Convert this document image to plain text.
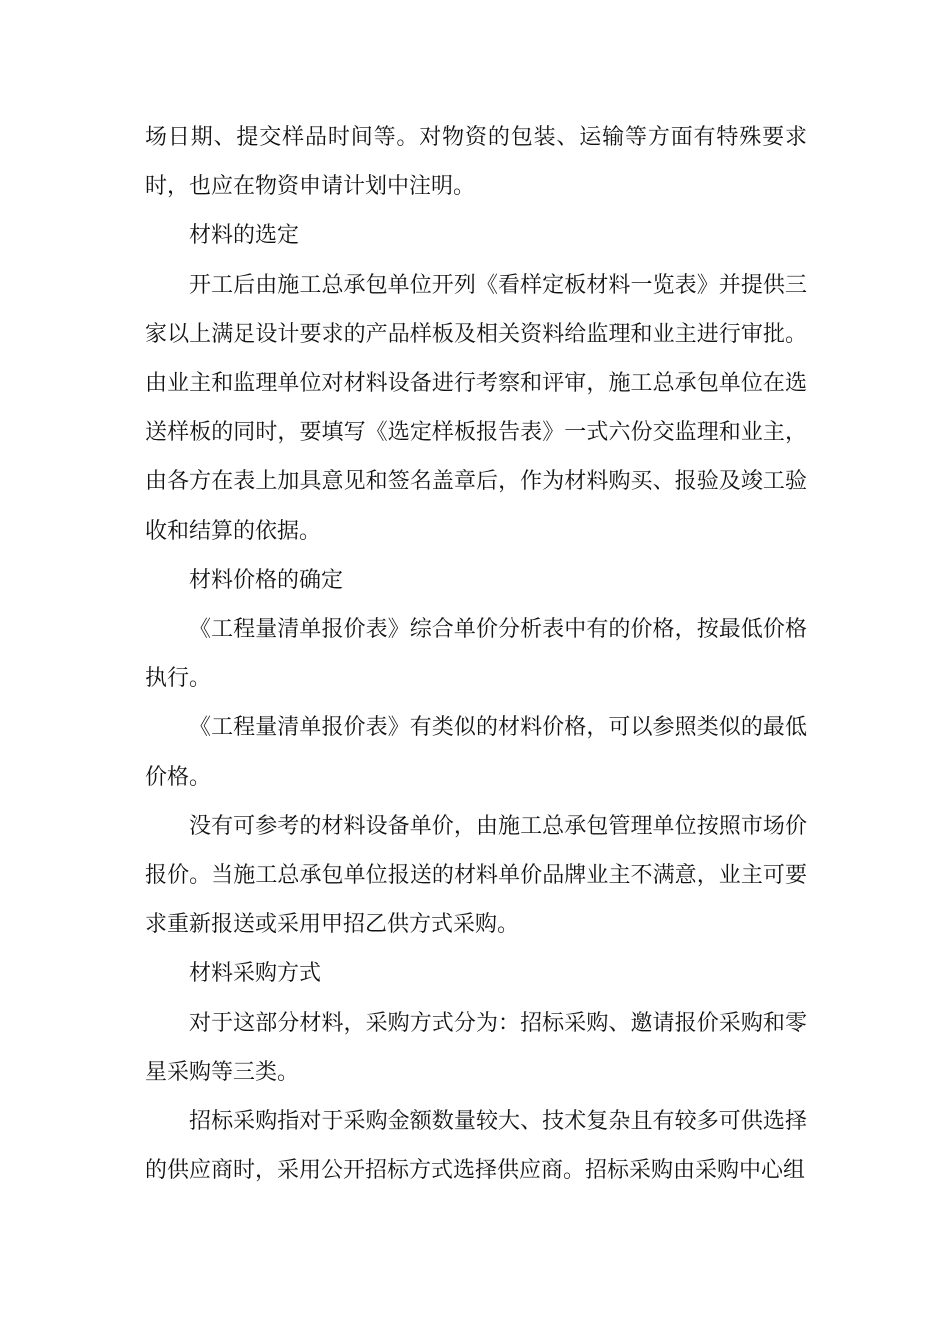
场日期、提交样品时间等。对物资的包装、运输等方面有特殊要求时，也应在物资申请计划中注明。

材料的选定

开工后由施工总承包单位开列《看样定板材料一览表》并提供三家以上满足设计要求的产品样板及相关资料给监理和业主进行审批。由业主和监理单位对材料设备进行考察和评审，施工总承包单位在选送样板的同时，要填写《选定样板报告表》一式六份交监理和业主，由各方在表上加具意见和签名盖章后，作为材料购买、报验及竣工验收和结算的依据。

材料价格的确定

《工程量清单报价表》综合单价分析表中有的价格，按最低价格执行。

《工程量清单报价表》有类似的材料价格，可以参照类似的最低价格。

没有可参考的材料设备单价，由施工总承包管理单位按照市场价报价。当施工总承包单位报送的材料单价品牌业主不满意，业主可要求重新报送或采用甲招乙供方式采购。

材料采购方式

对于这部分材料，采购方式分为：招标采购、邀请报价采购和零星采购等三类。

招标采购指对于采购金额数量较大、技术复杂且有较多可供选择的供应商时，采用公开招标方式选择供应商。招标采购由采购中心组
